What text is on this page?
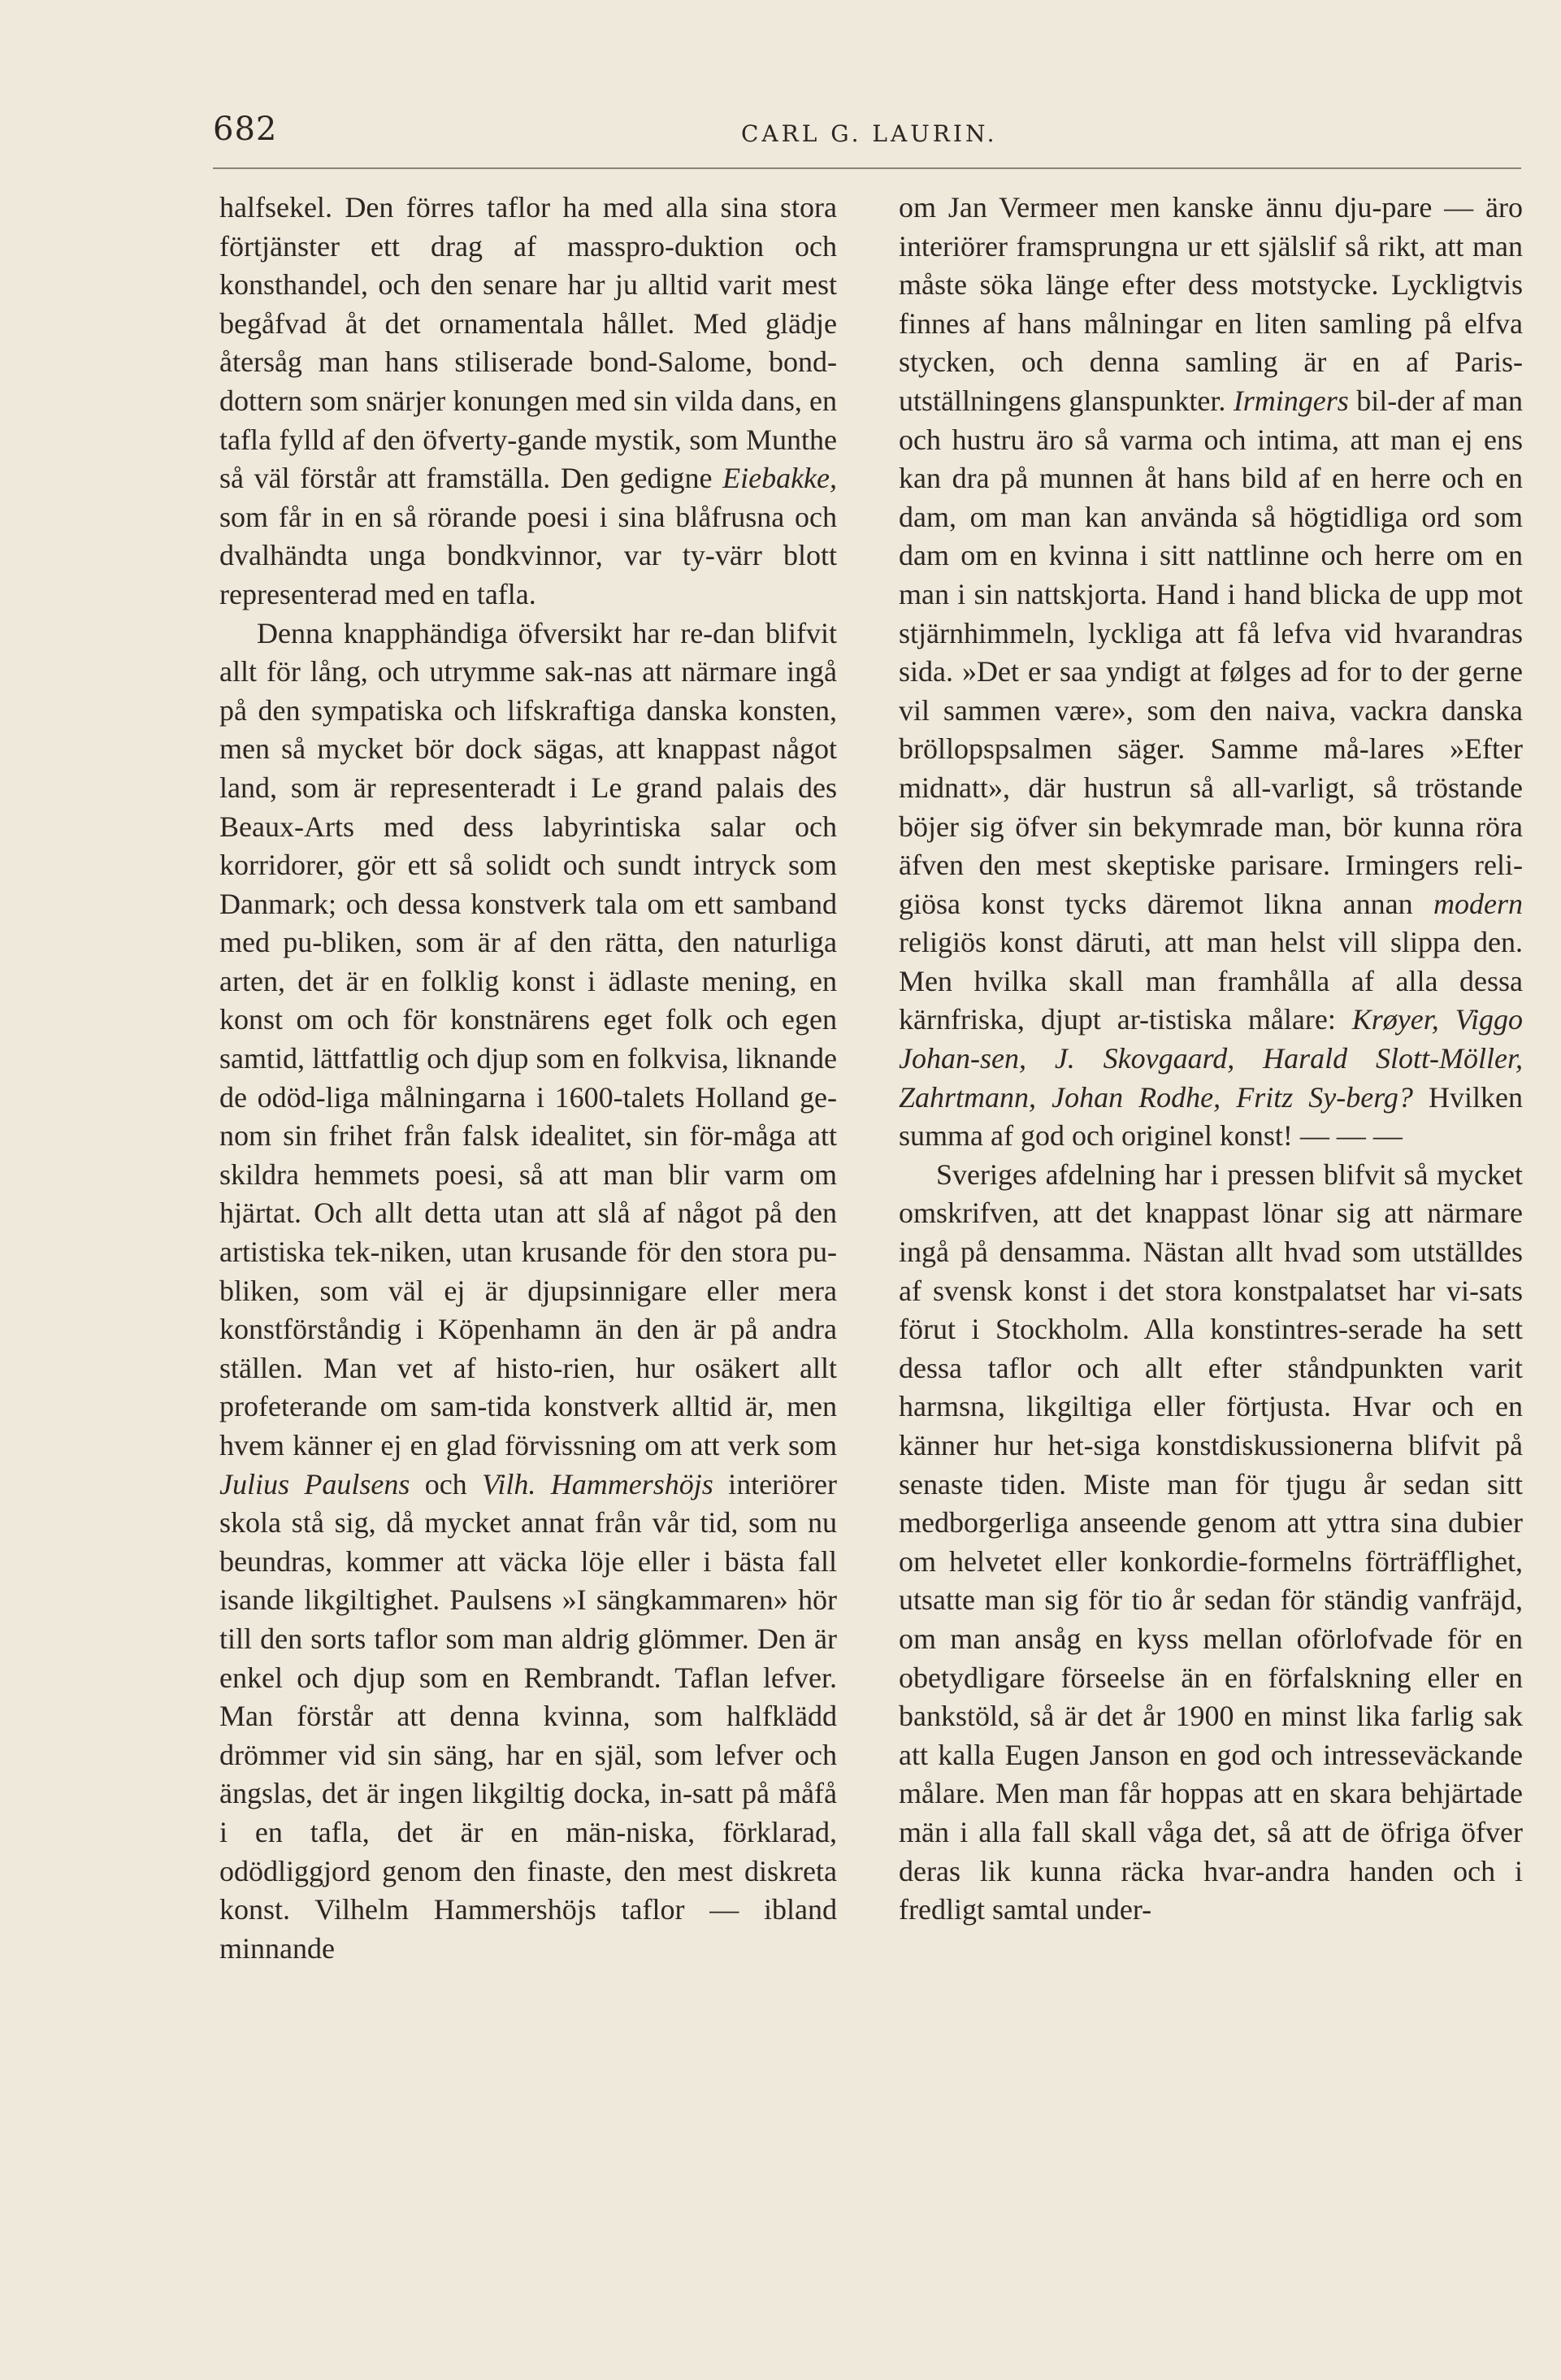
682	CARL G. LAURIN.

halfsekel. Den förres taflor ha med alla sina stora förtjänster ett drag af masspro-duktion och konsthandel, och den senare har ju alltid varit mest begåfvad åt det ornamentala hållet. Med glädje återsåg man hans stiliserade bond-Salome, bond-dottern som snärjer konungen med sin vilda dans, en tafla fylld af den öfverty-gande mystik, som Munthe så väl förstår att framställa. Den gedigne Eiebakke, som får in en så rörande poesi i sina blåfrusna och dvalhändta unga bondkvinnor, var ty-värr blott representerad med en tafla.

Denna knapphändiga öfversikt har re-dan blifvit allt för lång, och utrymme sak-nas att närmare ingå på den sympatiska och lifskraftiga danska konsten, men så mycket bör dock sägas, att knappast något land, som är representeradt i Le grand palais des Beaux-Arts med dess labyrintiska salar och korridorer, gör ett så solidt och sundt intryck som Danmark; och dessa konstverk tala om ett samband med pu-bliken, som är af den rätta, den naturliga arten, det är en folklig konst i ädlaste mening, en konst om och för konstnärens eget folk och egen samtid, lättfattlig och djup som en folkvisa, liknande de odöd-liga målningarna i 1600-talets Holland ge-nom sin frihet från falsk idealitet, sin för-måga att skildra hemmets poesi, så att man blir varm om hjärtat. Och allt detta utan att slå af något på den artistiska tek-niken, utan krusande för den stora pu-bliken, som väl ej är djupsinnigare eller mera konstförståndig i Köpenhamn än den är på andra ställen. Man vet af histo-rien, hur osäkert allt profeterande om sam-tida konstverk alltid är, men hvem känner ej en glad förvissning om att verk som Julius Paulsens och Vilh. Hammershöjs interiörer skola stå sig, då mycket annat från vår tid, som nu beundras, kommer att väcka löje eller i bästa fall isande likgiltighet. Paulsens »I sängkammaren» hör till den sorts taflor som man aldrig glömmer. Den är enkel och djup som en Rembrandt. Taflan lefver. Man förstår att denna kvinna, som halfklädd drömmer vid sin säng, har en själ, som lefver och ängslas, det är ingen likgiltig docka, in-satt på måfå i en tafla, det är en män-niska, förklarad, odödliggjord genom den finaste, den mest diskreta konst. Vilhelm Hammershöjs taflor — ibland minnande

om Jan Vermeer men kanske ännu dju-pare — äro interiörer framsprungna ur ett själslif så rikt, att man måste söka länge efter dess motstycke. Lyckligtvis finnes af hans målningar en liten samling på elfva stycken, och denna samling är en af Paris-utställningens glanspunkter. Irmingers bil-der af man och hustru äro så varma och intima, att man ej ens kan dra på munnen åt hans bild af en herre och en dam, om man kan använda så högtidliga ord som dam om en kvinna i sitt nattlinne och herre om en man i sin nattskjorta. Hand i hand blicka de upp mot stjärnhimmeln, lyckliga att få lefva vid hvarandras sida. »Det er saa yndigt at følges ad for to der gerne vil sammen være», som den naiva, vackra danska bröllopspsalmen säger. Samme må-lares »Efter midnatt», där hustrun så all-varligt, så tröstande böjer sig öfver sin bekymrade man, bör kunna röra äfven den mest skeptiske parisare. Irmingers reli-giösa konst tycks däremot likna annan modern religiös konst däruti, att man helst vill slippa den. Men hvilka skall man framhålla af alla dessa kärnfriska, djupt ar-tistiska målare: Krøyer, Viggo Johan-sen, J. Skovgaard, Harald Slott-Möller, Zahrtmann, Johan Rodhe, Fritz Sy-berg? Hvilken summa af god och originel konst! — — —

Sveriges afdelning har i pressen blifvit så mycket omskrifven, att det knappast lönar sig att närmare ingå på densamma. Nästan allt hvad som utställdes af svensk konst i det stora konstpalatset har vi-sats förut i Stockholm. Alla konstintres-serade ha sett dessa taflor och allt efter ståndpunkten varit harmsna, likgiltiga eller förtjusta. Hvar och en känner hur het-siga konstdiskussionerna blifvit på senaste tiden. Miste man för tjugu år sedan sitt medborgerliga anseende genom att yttra sina dubier om helvetet eller konkordie-formelns förträfflighet, utsatte man sig för tio år sedan för ständig vanfräjd, om man ansåg en kyss mellan oförlofvade för en obetydligare förseelse än en förfalskning eller en bankstöld, så är det år 1900 en minst lika farlig sak att kalla Eugen Janson en god och intresseväckande målare. Men man får hoppas att en skara behjärtade män i alla fall skall våga det, så att de öfriga öfver deras lik kunna räcka hvar-andra handen och i fredligt samtal under-
